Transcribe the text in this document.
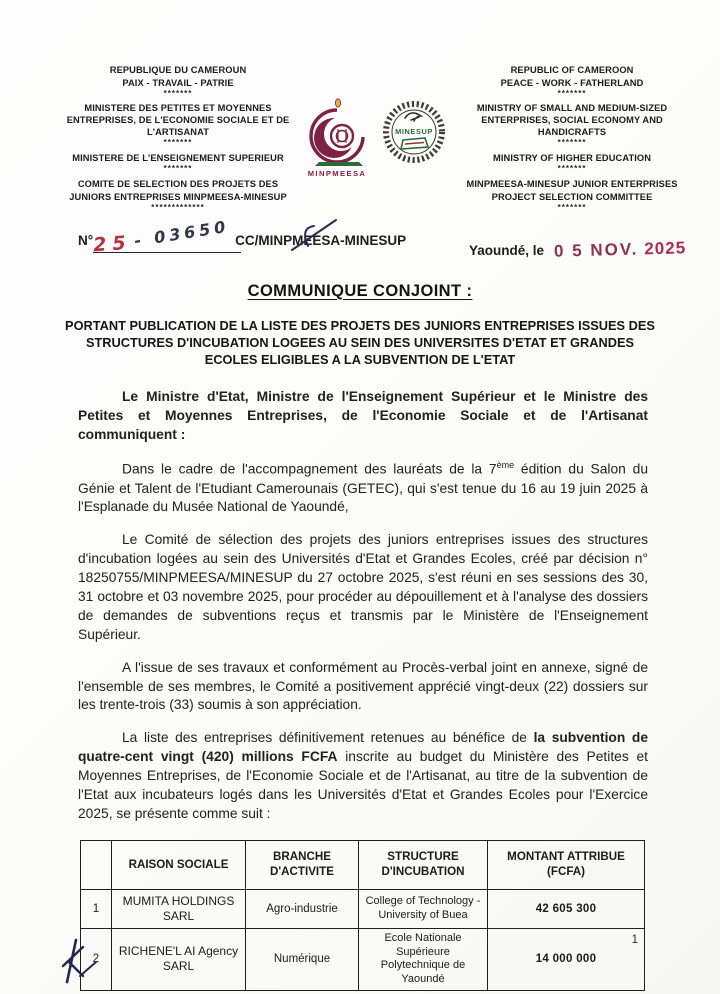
REPUBLIQUE DU CAMEROUN
PAIX - TRAVAIL - PATRIE
*******
MINISTERE DES PETITES ET MOYENNES ENTREPRISES, DE L'ECONOMIE SOCIALE ET DE L'ARTISANAT
*******
MINISTERE DE L'ENSEIGNEMENT SUPERIEUR
*******
COMITE DE SELECTION DES PROJETS DES JUNIORS ENTREPRISES MINPMEESA-MINESUP
*************
MINPMEESA
MINESUP
REPUBLIC OF CAMEROON
PEACE - WORK - FATHERLAND
*******
MINISTRY OF SMALL AND MEDIUM-SIZED ENTERPRISES, SOCIAL ECONOMY AND HANDICRAFTS
*******
MINISTRY OF HIGHER EDUCATION
*******
MINPMEESA-MINESUP JUNIOR ENTERPRISES PROJECT SELECTION COMMITTEE
*******
N°25 - 03650 CC/MINPMEESA-MINESUP
Yaoundé, le 0 5 NOV. 2025
COMMUNIQUE CONJOINT :
PORTANT PUBLICATION DE LA LISTE DES PROJETS DES JUNIORS ENTREPRISES ISSUES DES STRUCTURES D'INCUBATION LOGEES AU SEIN DES UNIVERSITES D'ETAT ET GRANDES ECOLES ELIGIBLES A LA SUBVENTION DE L'ETAT

Le Ministre d'Etat, Ministre de l'Enseignement Supérieur et le Ministre des Petites et Moyennes Entreprises, de l'Economie Sociale et de l'Artisanat communiquent :

Dans le cadre de l'accompagnement des lauréats de la 7ème édition du Salon du Génie et Talent de l'Etudiant Camerounais (GETEC), qui s'est tenue du 16 au 19 juin 2025 à l'Esplanade du Musée National de Yaoundé,

Le Comité de sélection des projets des juniors entreprises issues des structures d'incubation logées au sein des Universités d'Etat et Grandes Ecoles, créé par décision n° 18250755/MINPMEESA/MINESUP du 27 octobre 2025, s'est réuni en ses sessions des 30, 31 octobre et 03 novembre 2025, pour procéder au dépouillement et à l'analyse des dossiers de demandes de subventions reçus et transmis par le Ministère de l'Enseignement Supérieur.

A l'issue de ses travaux et conformément au Procès-verbal joint en annexe, signé de l'ensemble de ses membres, le Comité a positivement apprécié vingt-deux (22) dossiers sur les trente-trois (33) soumis à son appréciation.

La liste des entreprises définitivement retenues au bénéfice de la subvention de quatre-cent vingt (420) millions FCFA inscrite au budget du Ministère des Petites et Moyennes Entreprises, de l'Economie Sociale et de l'Artisanat, au titre de la subvention de l'Etat aux incubateurs logés dans les Universités d'Etat et Grandes Ecoles pour l'Exercice 2025, se présente comme suit :

	RAISON SOCIALE	BRANCHE D'ACTIVITE	STRUCTURE D'INCUBATION	MONTANT ATTRIBUE (FCFA)
1	MUMITA HOLDINGS SARL	Agro-industrie	College of Technology - University of Buea	42 605 300
2	RICHENE'L AI Agency SARL	Numérique	Ecole Nationale Supérieure Polytechnique de Yaoundé	14 000 000
1
